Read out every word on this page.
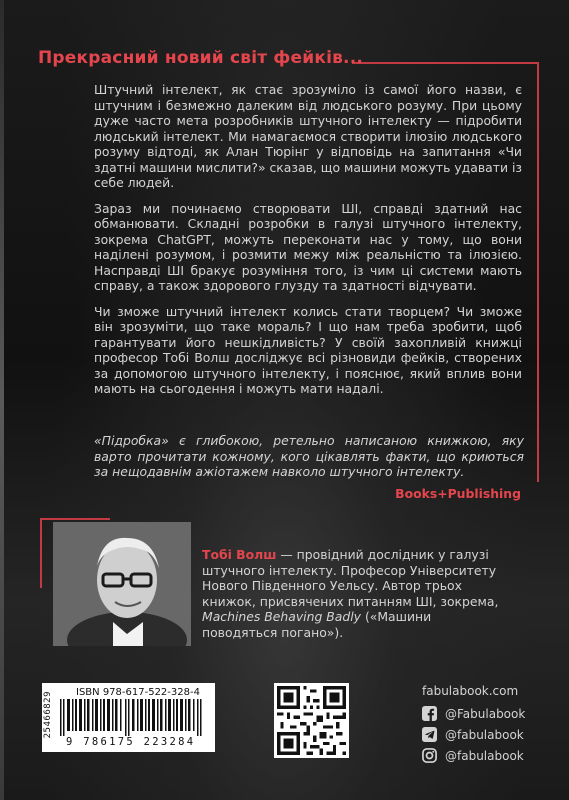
Прекрасний новий світ фейків...

Штучний інтелект, як стає зрозуміло із самої його назви, є штучним і безмежно далеким від людського розуму. При цьому дуже часто мета розробників штучного інтелекту — підробити людський інтелект. Ми намагаємося створити ілюзію людського розуму відтоді, як Алан Тюрінг у відповідь на запитання «Чи здатні машини мислити?» сказав, що машини можуть удавати із себе людей.

Зараз ми починаємо створювати ШІ, справді здатний нас обманювати. Складні розробки в галузі штучного інтелекту, зокрема ChatGPT, можуть переконати нас у тому, що вони наділені розумом, і розмити межу між реальністю та ілюзією. Насправді ШІ бракує розуміння того, із чим ці системи мають справу, а також здорового глузду та здатності відчувати.

Чи зможе штучний інтелект колись стати творцем? Чи зможе він зрозуміти, що таке мораль? І що нам треба зробити, щоб гарантувати його нешкідливість? У своїй захопливій книжці професор Тобі Волш досліджує всі різновиди фейків, створених за допомогою штучного інтелекту, і пояснює, який вплив вони мають на сьогодення і можуть мати надалі.

«Підробка» є глибокою, ретельно написаною книжкою, яку варто прочитати кожному, кого цікавлять факти, що криються за нещодавнім ажіотажем навколо штучного інтелекту.
Books+Publishing
Тобі Волш — провідний дослідник у галузі штучного інтелекту. Професор Університету Нового Південного Уельсу. Автор трьох книжок, присвячених питанням ШІ, зокрема, Machines Behaving Badly («Машини поводяться погано»).
ISBN 978-617-522-328-4
25466829
9 786175 223284
fabulabook.com
@Fabulabook
@fabulabook
@fabulabook
